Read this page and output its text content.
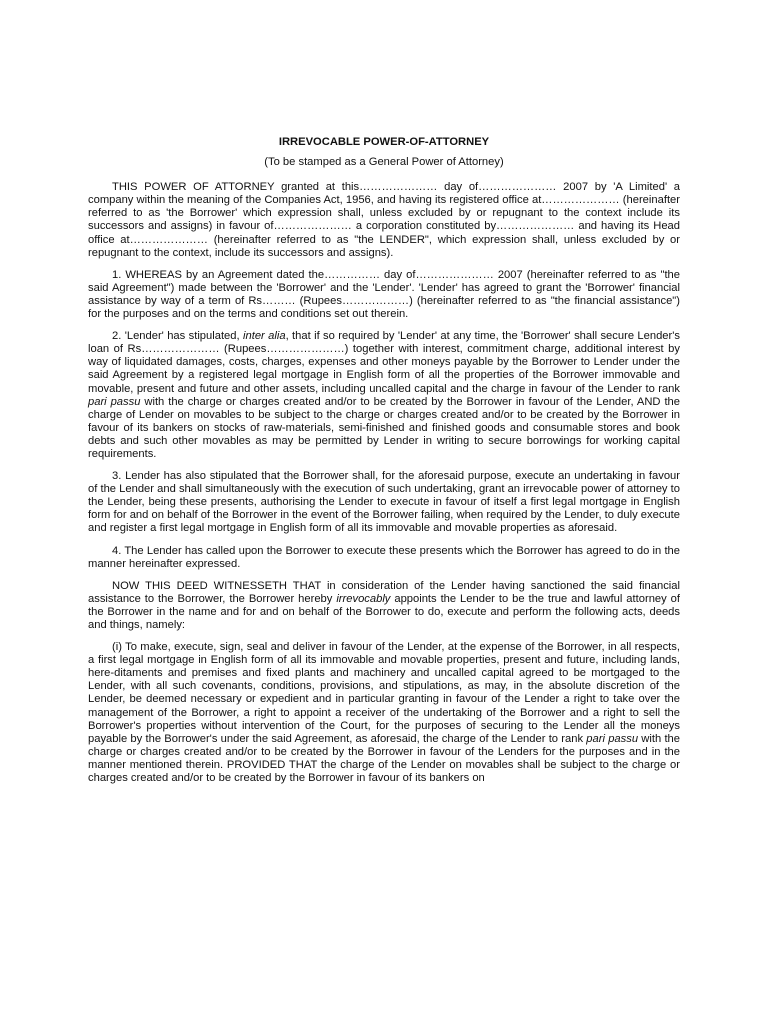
IRREVOCABLE POWER-OF-ATTORNEY
(To be stamped as a General Power of Attorney)

THIS POWER OF ATTORNEY granted at this………………… day of………………… 2007 by 'A Limited' a company within the meaning of the Companies Act, 1956, and having its registered office at………………… (hereinafter referred to as 'the Borrower' which expression shall, unless excluded by or repugnant to the context include its successors and assigns) in favour of………………… a corporation constituted by………………… and having its Head office at………………… (hereinafter referred to as "the LENDER", which expression shall, unless excluded by or repugnant to the context, include its successors and assigns).

1. WHEREAS by an Agreement dated the…………… day of………………… 2007 (hereinafter referred to as "the said Agreement") made between the 'Borrower' and the 'Lender'. 'Lender' has agreed to grant the 'Borrower' financial assistance by way of a term of Rs……… (Rupees………………) (hereinafter referred to as "the financial assistance") for the purposes and on the terms and conditions set out therein.

2. 'Lender' has stipulated, inter alia, that if so required by 'Lender' at any time, the 'Borrower' shall secure Lender's loan of Rs………………… (Rupees…………………) together with interest, commitment charge, additional interest by way of liquidated damages, costs, charges, expenses and other moneys payable by the Borrower to Lender under the said Agreement by a registered legal mortgage in English form of all the properties of the Borrower immovable and movable, present and future and other assets, including uncalled capital and the charge in favour of the Lender to rank pari passu with the charge or charges created and/or to be created by the Borrower in favour of the Lender, AND the charge of Lender on movables to be subject to the charge or charges created and/or to be created by the Borrower in favour of its bankers on stocks of raw-materials, semi-finished and finished goods and consumable stores and book debts and such other movables as may be permitted by Lender in writing to secure borrowings for working capital requirements.

3. Lender has also stipulated that the Borrower shall, for the aforesaid purpose, execute an undertaking in favour of the Lender and shall simultaneously with the execution of such undertaking, grant an irrevocable power of attorney to the Lender, being these presents, authorising the Lender to execute in favour of itself a first legal mortgage in English form for and on behalf of the Borrower in the event of the Borrower failing, when required by the Lender, to duly execute and register a first legal mortgage in English form of all its immovable and movable properties as aforesaid.

4. The Lender has called upon the Borrower to execute these presents which the Borrower has agreed to do in the manner hereinafter expressed.

NOW THIS DEED WITNESSETH THAT in consideration of the Lender having sanctioned the said financial assistance to the Borrower, the Borrower hereby irrevocably appoints the Lender to be the true and lawful attorney of the Borrower in the name and for and on behalf of the Borrower to do, execute and perform the following acts, deeds and things, namely:

(i) To make, execute, sign, seal and deliver in favour of the Lender, at the expense of the Borrower, in all respects, a first legal mortgage in English form of all its immovable and movable properties, present and future, including lands, here-ditaments and premises and fixed plants and machinery and uncalled capital agreed to be mortgaged to the Lender, with all such covenants, conditions, provisions, and stipulations, as may, in the absolute discretion of the Lender, be deemed necessary or expedient and in particular granting in favour of the Lender a right to take over the management of the Borrower, a right to appoint a receiver of the undertaking of the Borrower and a right to sell the Borrower's properties without intervention of the Court, for the purposes of securing to the Lender all the moneys payable by the Borrower's under the said Agreement, as aforesaid, the charge of the Lender to rank pari passu with the charge or charges created and/or to be created by the Borrower in favour of the Lenders for the purposes and in the manner mentioned therein. PROVIDED THAT the charge of the Lender on movables shall be subject to the charge or charges created and/or to be created by the Borrower in favour of its bankers on
